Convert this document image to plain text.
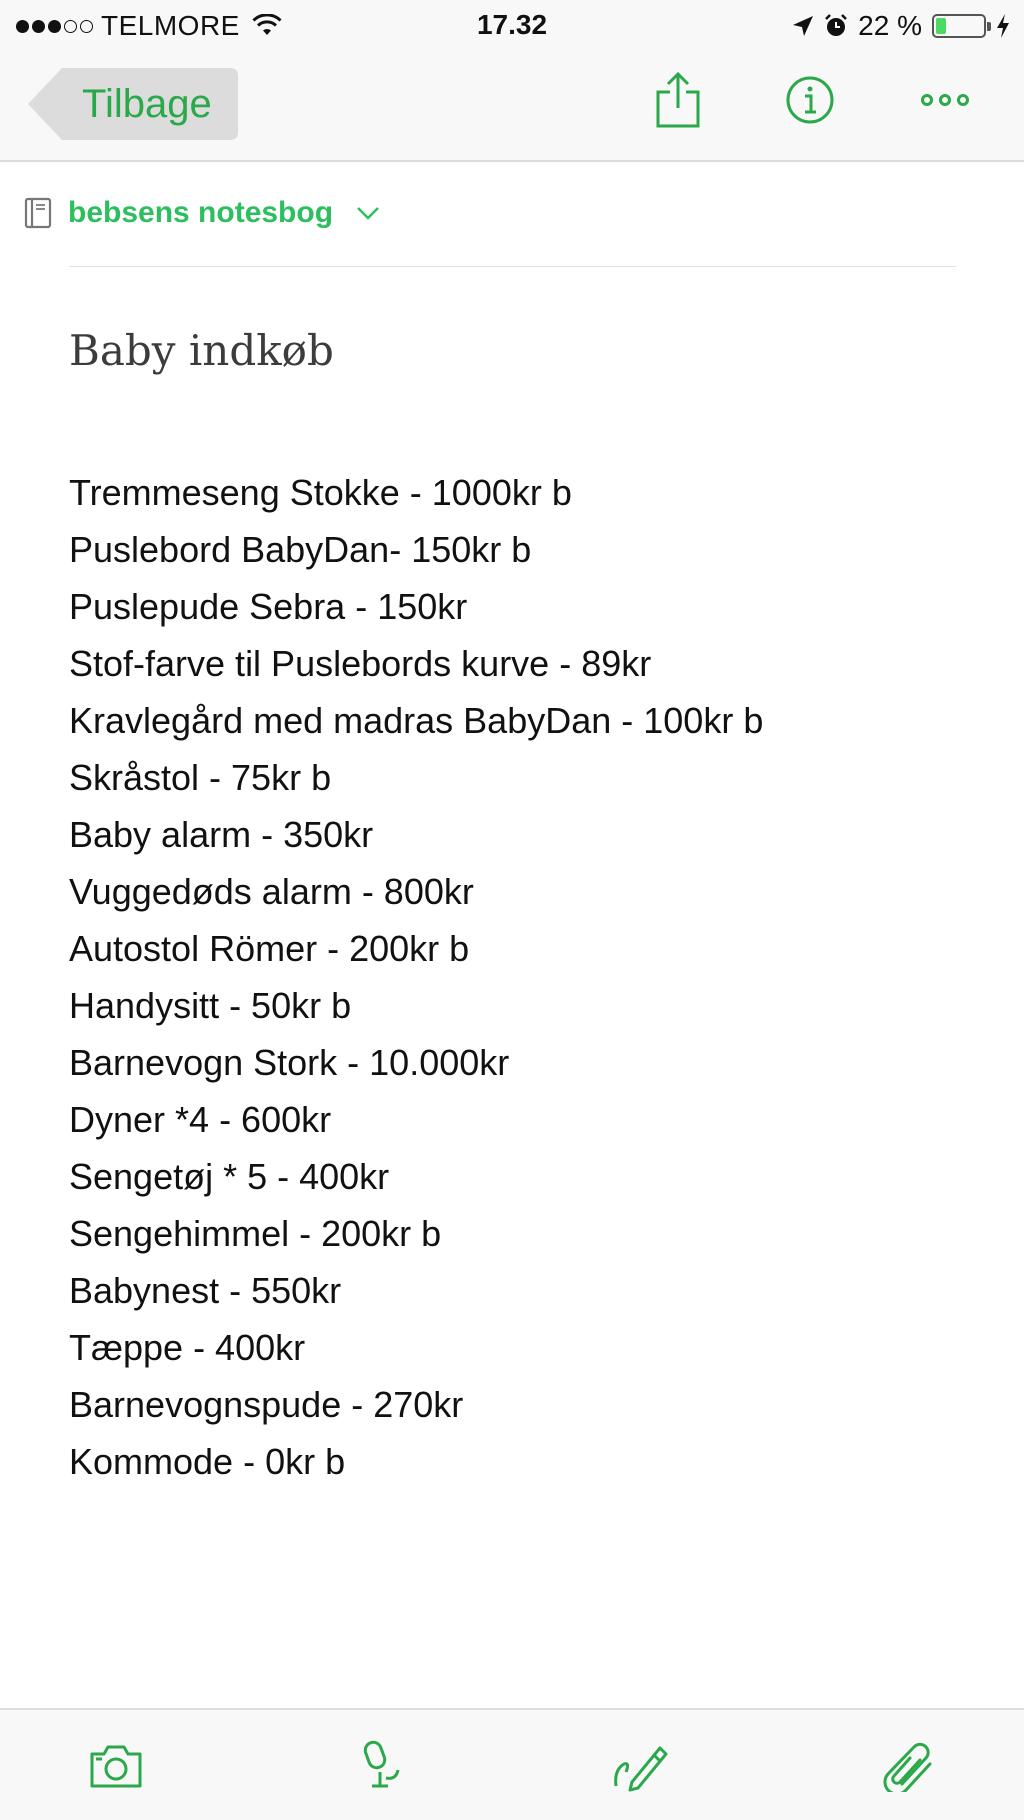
TELMORE	17.32	22 %
Tilbage
bebsens notesbog
Baby indkøb
Tremmeseng Stokke - 1000kr b
Puslebord BabyDan- 150kr b
Puslepude Sebra - 150kr
Stof-farve til Puslebords kurve - 89kr
Kravlegård med madras BabyDan - 100kr b
Skråstol - 75kr b
Baby alarm - 350kr
Vuggedøds alarm - 800kr
Autostol Römer - 200kr b
Handysitt - 50kr b
Barnevogn Stork - 10.000kr
Dyner *4 - 600kr
Sengetøj * 5 - 400kr
Sengehimmel - 200kr b
Babynest - 550kr
Tæppe - 400kr
Barnevognspude - 270kr
Kommode - 0kr b
